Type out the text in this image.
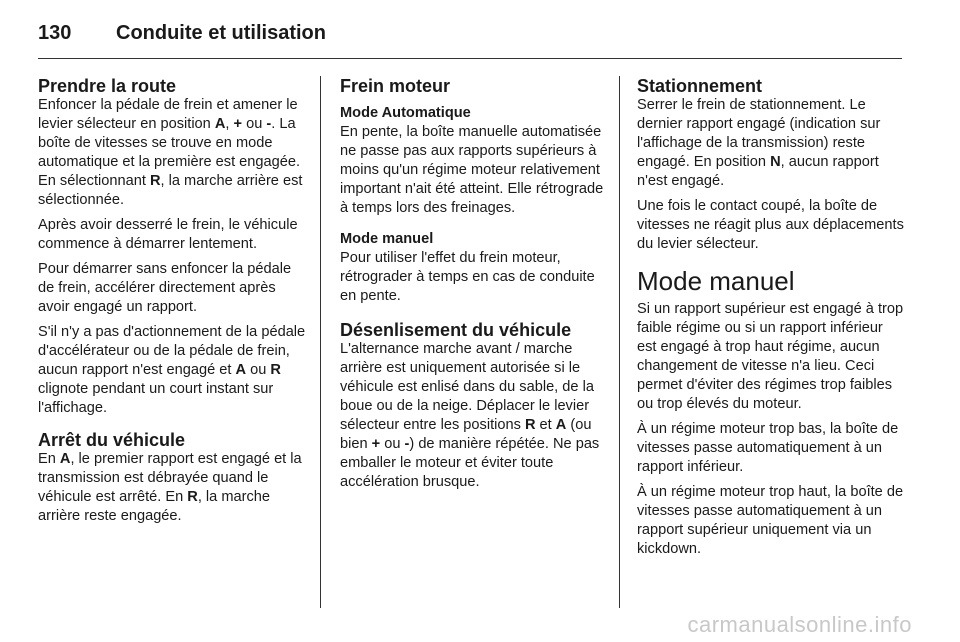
130	Conduite et utilisation
Prendre la route

Enfoncer la pédale de frein et amener le levier sélecteur en position A, + ou -. La boîte de vitesses se trouve en mode automatique et la première est engagée. En sélectionnant R, la marche arrière est sélectionnée.

Après avoir desserré le frein, le véhicule commence à démarrer lentement.

Pour démarrer sans enfoncer la pédale de frein, accélérer directement après avoir engagé un rapport.

S'il n'y a pas d'actionnement de la pédale d'accélérateur ou de la pédale de frein, aucun rapport n'est engagé et A ou R clignote pendant un court instant sur l'affichage.

Arrêt du véhicule

En A, le premier rapport est engagé et la transmission est débrayée quand le véhicule est arrêté. En R, la marche arrière reste engagée.

Frein moteur
Mode Automatique

En pente, la boîte manuelle automatisée ne passe pas aux rapports supérieurs à moins qu'un régime moteur relativement important n'ait été atteint. Elle rétrograde à temps lors des freinages.

Mode manuel

Pour utiliser l'effet du frein moteur, rétrograder à temps en cas de conduite en pente.

Désenlisement du véhicule

L'alternance marche avant / marche arrière est uniquement autorisée si le véhicule est enlisé dans du sable, de la boue ou de la neige. Déplacer le levier sélecteur entre les positions R et A (ou bien + ou -) de manière répétée. Ne pas emballer le moteur et éviter toute accélération brusque.

Stationnement

Serrer le frein de stationnement. Le dernier rapport engagé (indication sur l'affichage de la transmission) reste engagé. En position N, aucun rapport n'est engagé.

Une fois le contact coupé, la boîte de vitesses ne réagit plus aux déplacements du levier sélecteur.

Mode manuel

Si un rapport supérieur est engagé à trop faible régime ou si un rapport inférieur est engagé à trop haut régime, aucun changement de vitesse n'a lieu. Ceci permet d'éviter des régimes trop faibles ou trop élevés du moteur.

À un régime moteur trop bas, la boîte de vitesses passe automatiquement à un rapport inférieur.

À un régime moteur trop haut, la boîte de vitesses passe automatiquement à un rapport supérieur uniquement via un kickdown.

carmanualsonline.info
